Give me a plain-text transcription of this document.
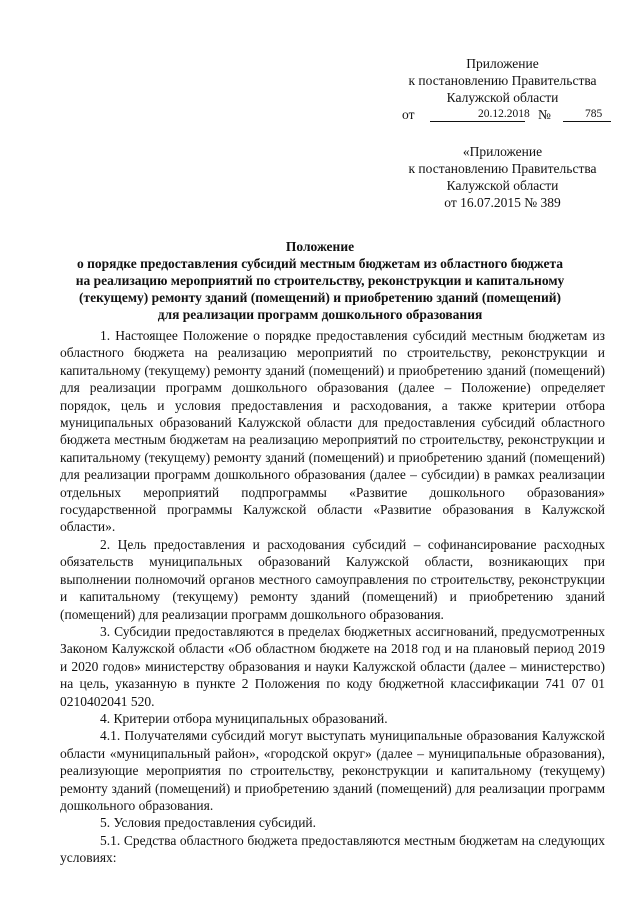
Приложение
к постановлению Правительства
Калужской области
от	20.12.2018 №	785
«Приложение
к постановлению Правительства
Калужской области
от 16.07.2015 № 389
Положение
о порядке предоставления субсидий местным бюджетам из областного бюджета
на реализацию мероприятий по строительству, реконструкции и капитальному
(текущему) ремонту зданий (помещений) и приобретению зданий (помещений)
для реализации программ дошкольного образования

1. Настоящее Положение о порядке предоставления субсидий местным бюджетам из областного бюджета на реализацию мероприятий по строительству, реконструкции и капитальному (текущему) ремонту зданий (помещений) и приобретению зданий (помещений) для реализации программ дошкольного образования (далее – Положение) определяет порядок, цель и условия предоставления и расходования, а также критерии отбора муниципальных образований Калужской области для предоставления субсидий областного бюджета местным бюджетам на реализацию мероприятий по строительству, реконструкции и капитальному (текущему) ремонту зданий (помещений) и приобретению зданий (помещений) для реализации программ дошкольного образования (далее – субсидии) в рамках реализации отдельных мероприятий подпрограммы «Развитие дошкольного образования» государственной программы Калужской области «Развитие образования в Калужской области».

2. Цель предоставления и расходования субсидий – софинансирование расходных обязательств муниципальных образований Калужской области, возникающих при выполнении полномочий органов местного самоуправления по строительству, реконструкции и капитальному (текущему) ремонту зданий (помещений) и приобретению зданий (помещений) для реализации программ дошкольного образования.

3. Субсидии предоставляются в пределах бюджетных ассигнований, предусмотренных Законом Калужской области «Об областном бюджете на 2018 год и на плановый период 2019 и 2020 годов» министерству образования и науки Калужской области (далее – министерство) на цель, указанную в пункте 2 Положения по коду бюджетной классификации 741 07 01 0210402041 520.

4. Критерии отбора муниципальных образований.

4.1. Получателями субсидий могут выступать муниципальные образования Калужской области «муниципальный район», «городской округ» (далее – муниципальные образования), реализующие мероприятия по строительству, реконструкции и капитальному (текущему) ремонту зданий (помещений) и приобретению зданий (помещений) для реализации программ дошкольного образования.

5. Условия предоставления субсидий.

5.1. Средства областного бюджета предоставляются местным бюджетам на следующих условиях:
